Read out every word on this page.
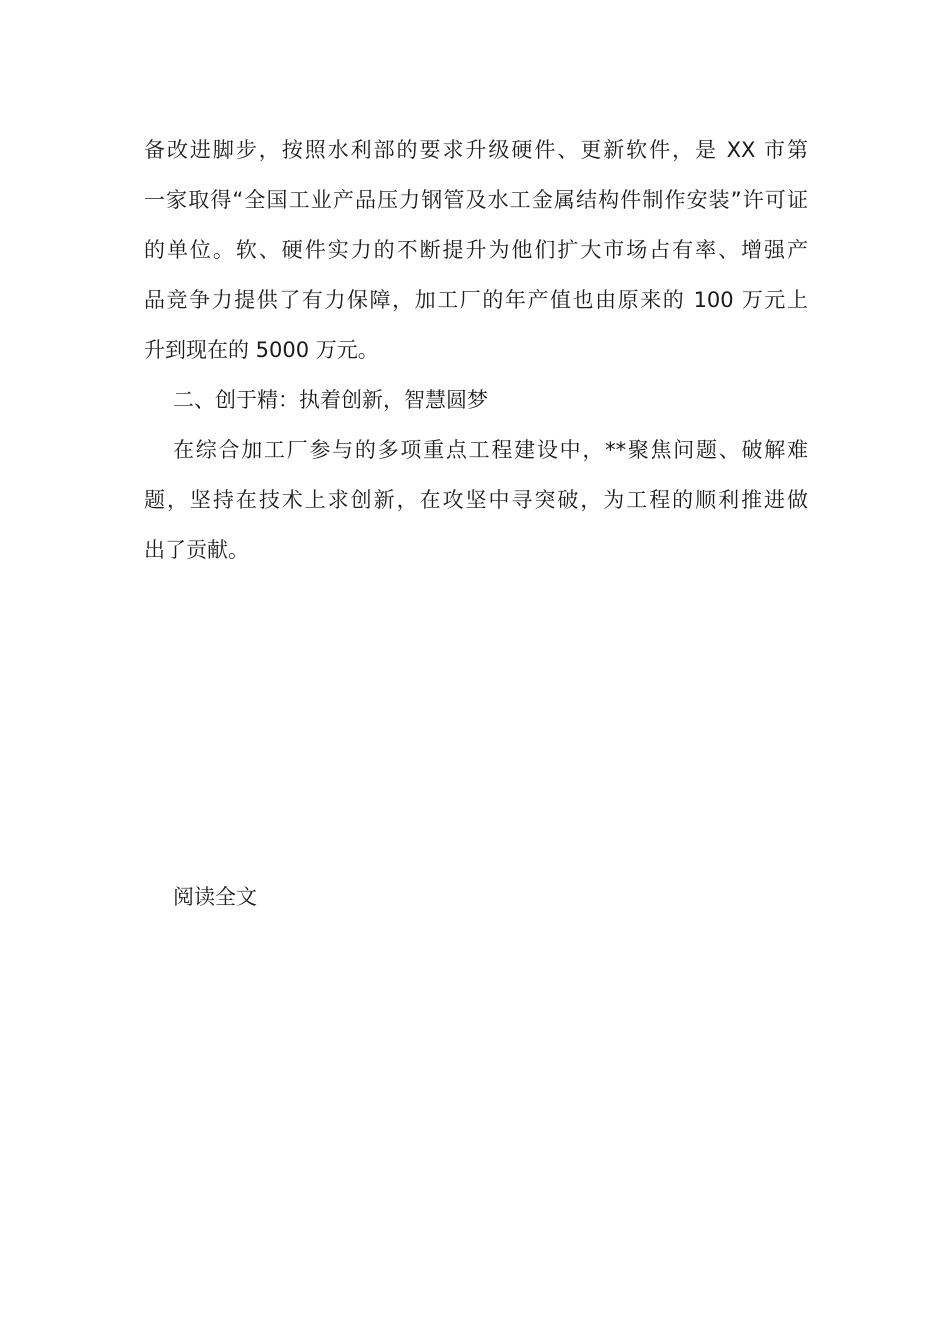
备改进脚步，按照水利部的要求升级硬件、更新软件，是 XX 市第
一家取得“全国工业产品压力钢管及水工金属结构件制作安装”许可证
的单位。软、硬件实力的不断提升为他们扩大市场占有率、增强产
品竞争力提供了有力保障，加工厂的年产值也由原来的 100 万元上
升到现在的 5000 万元。
二、创于精：执着创新，智慧圆梦
在综合加工厂参与的多项重点工程建设中，**聚焦问题、破解难
题，坚持在技术上求创新，在攻坚中寻突破，为工程的顺利推进做
出了贡献。
阅读全文
